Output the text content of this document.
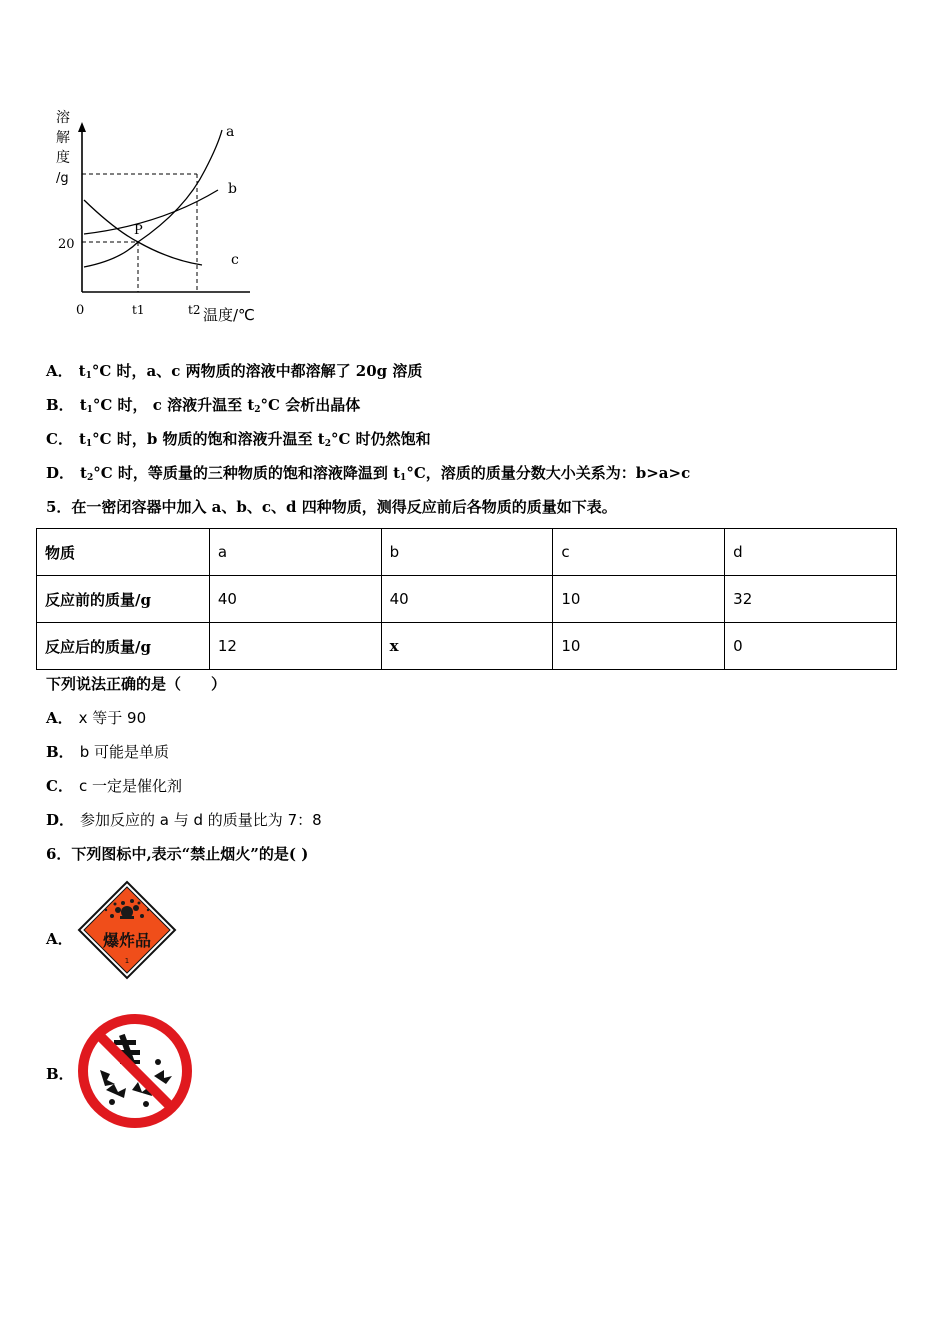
a
b
c
P
20
0	t1	t2 温度/℃
溶
解
度
/g
A． $t_1^\circ C$ 时，a、c 两物质的溶液中都溶解了 20g 溶质
B． $t_1^\circ C$ 时， c 溶液升温至 $t_2^\circ C$ 会析出晶体
C． $t_1^\circ C$ 时，b 物质的饱和溶液升温至 $t_2^\circ C$ 时仍然饱和
D． $t_2^\circ C$ 时，等质量的三种物质的饱和溶液降温到 $t_1^\circ C$，溶质的质量分数大小关系为：b>a>c
5．在一密闭容器中加入 a、b、c、d 四种物质，测得反应前后各物质的质量如下表。
物质	a	b	c	d
反应前的质量/g	40	40	10	32
反应后的质量/g	12	x	10	0
下列说法正确的是（　　）
A． x 等于 90
B． b 可能是单质
C． c 一定是催化剂
D． 参加反应的 a 与 d 的质量比为 7：8
6．下列图标中,表示“禁止烟火”的是( )
A． 爆炸品
1
B．
